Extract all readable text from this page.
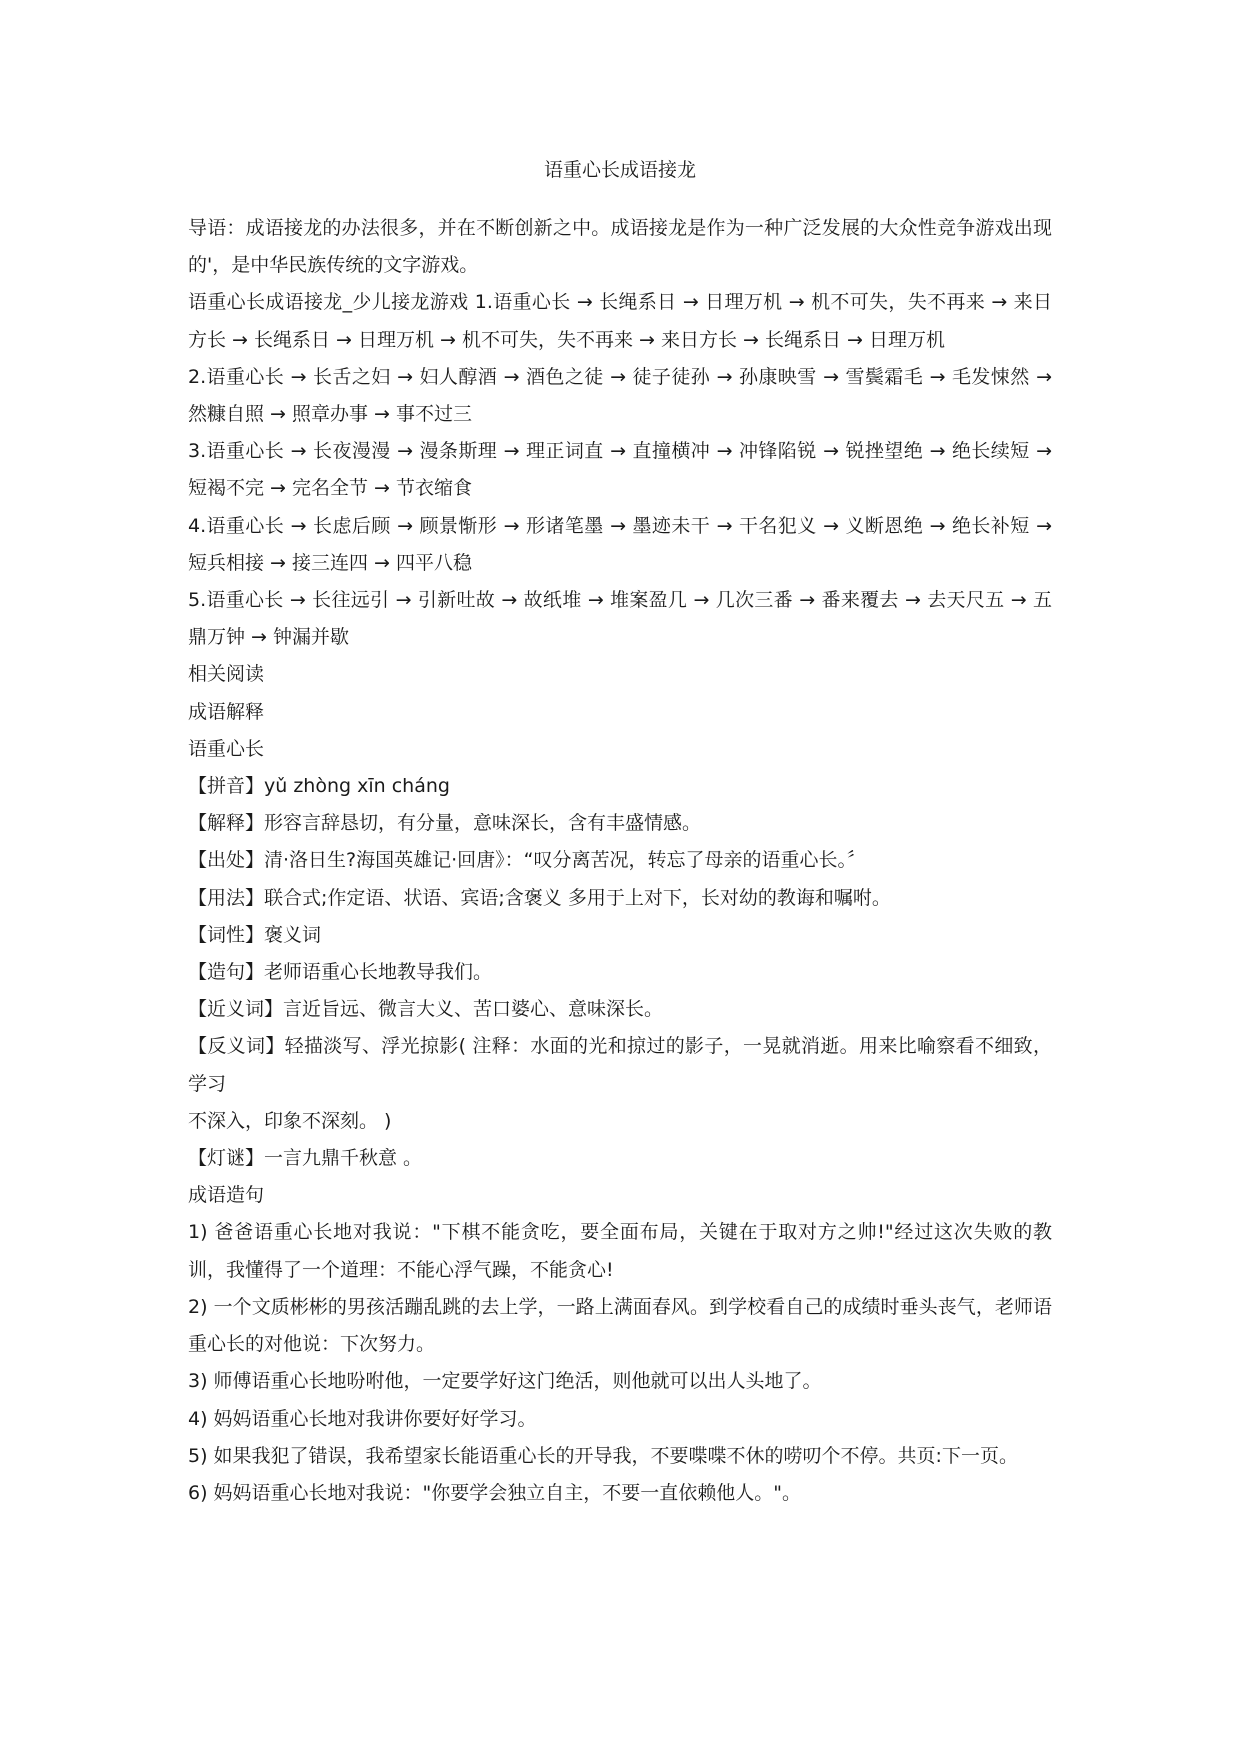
语重心长成语接龙

导语：成语接龙的办法很多，并在不断创新之中。成语接龙是作为一种广泛发展的大众性竞争游戏出现的'，是中华民族传统的文字游戏。

语重心长成语接龙_少儿接龙游戏 1.语重心长 → 长绳系日 → 日理万机 → 机不可失，失不再来 → 来日方长 → 长绳系日 → 日理万机 → 机不可失，失不再来 → 来日方长 → 长绳系日 → 日理万机

2.语重心长 → 长舌之妇 → 妇人醇酒 → 酒色之徒 → 徒子徒孙 → 孙康映雪 → 雪鬓霜毛 → 毛发悚然 → 然糠自照 → 照章办事 → 事不过三

3.语重心长 → 长夜漫漫 → 漫条斯理 → 理正词直 → 直撞横冲 → 冲锋陷锐 → 锐挫望绝 → 绝长续短 → 短褐不完 → 完名全节 → 节衣缩食

4.语重心长 → 长虑后顾 → 顾景惭形 → 形诸笔墨 → 墨迹未干 → 干名犯义 → 义断恩绝 → 绝长补短 → 短兵相接 → 接三连四 → 四平八稳

5.语重心长 → 长往远引 → 引新吐故 → 故纸堆 → 堆案盈几 → 几次三番 → 番来覆去 → 去天尺五 → 五鼎万钟 → 钟漏并歇

相关阅读

成语解释

语重心长

【拼音】yǔ zhòng xīn cháng

【解释】形容言辞恳切，有分量，意味深长，含有丰盛情感。

【出处】清·洛日生?海国英雄记·回唐》：“叹分离苦况，转忘了母亲的语重心长。〞

【用法】联合式;作定语、状语、宾语;含褒义 多用于上对下，长对幼的教诲和嘱咐。

【词性】褒义词

【造句】老师语重心长地教导我们。

【近义词】言近旨远、微言大义、苦口婆心、意味深长。

【反义词】轻描淡写、浮光掠影( 注释：水面的光和掠过的影子，一晃就消逝。用来比喻察看不细致，学习

不深入，印象不深刻。 )

【灯谜】一言九鼎千秋意 。

成语造句

1) 爸爸语重心长地对我说："下棋不能贪吃，要全面布局，关键在于取对方之帅!"经过这次失败的教训，我懂得了一个道理：不能心浮气躁，不能贪心!

2) 一个文质彬彬的男孩活蹦乱跳的去上学，一路上满面春风。到学校看自己的成绩时垂头丧气，老师语重心长的对他说：下次努力。

3) 师傅语重心长地吩咐他，一定要学好这门绝活，则他就可以出人头地了。

4) 妈妈语重心长地对我讲你要好好学习。

5) 如果我犯了错误，我希望家长能语重心长的开导我，不要喋喋不休的唠叨个不停。共页:下一页。

6) 妈妈语重心长地对我说："你要学会独立自主，不要一直依赖他人。"。
